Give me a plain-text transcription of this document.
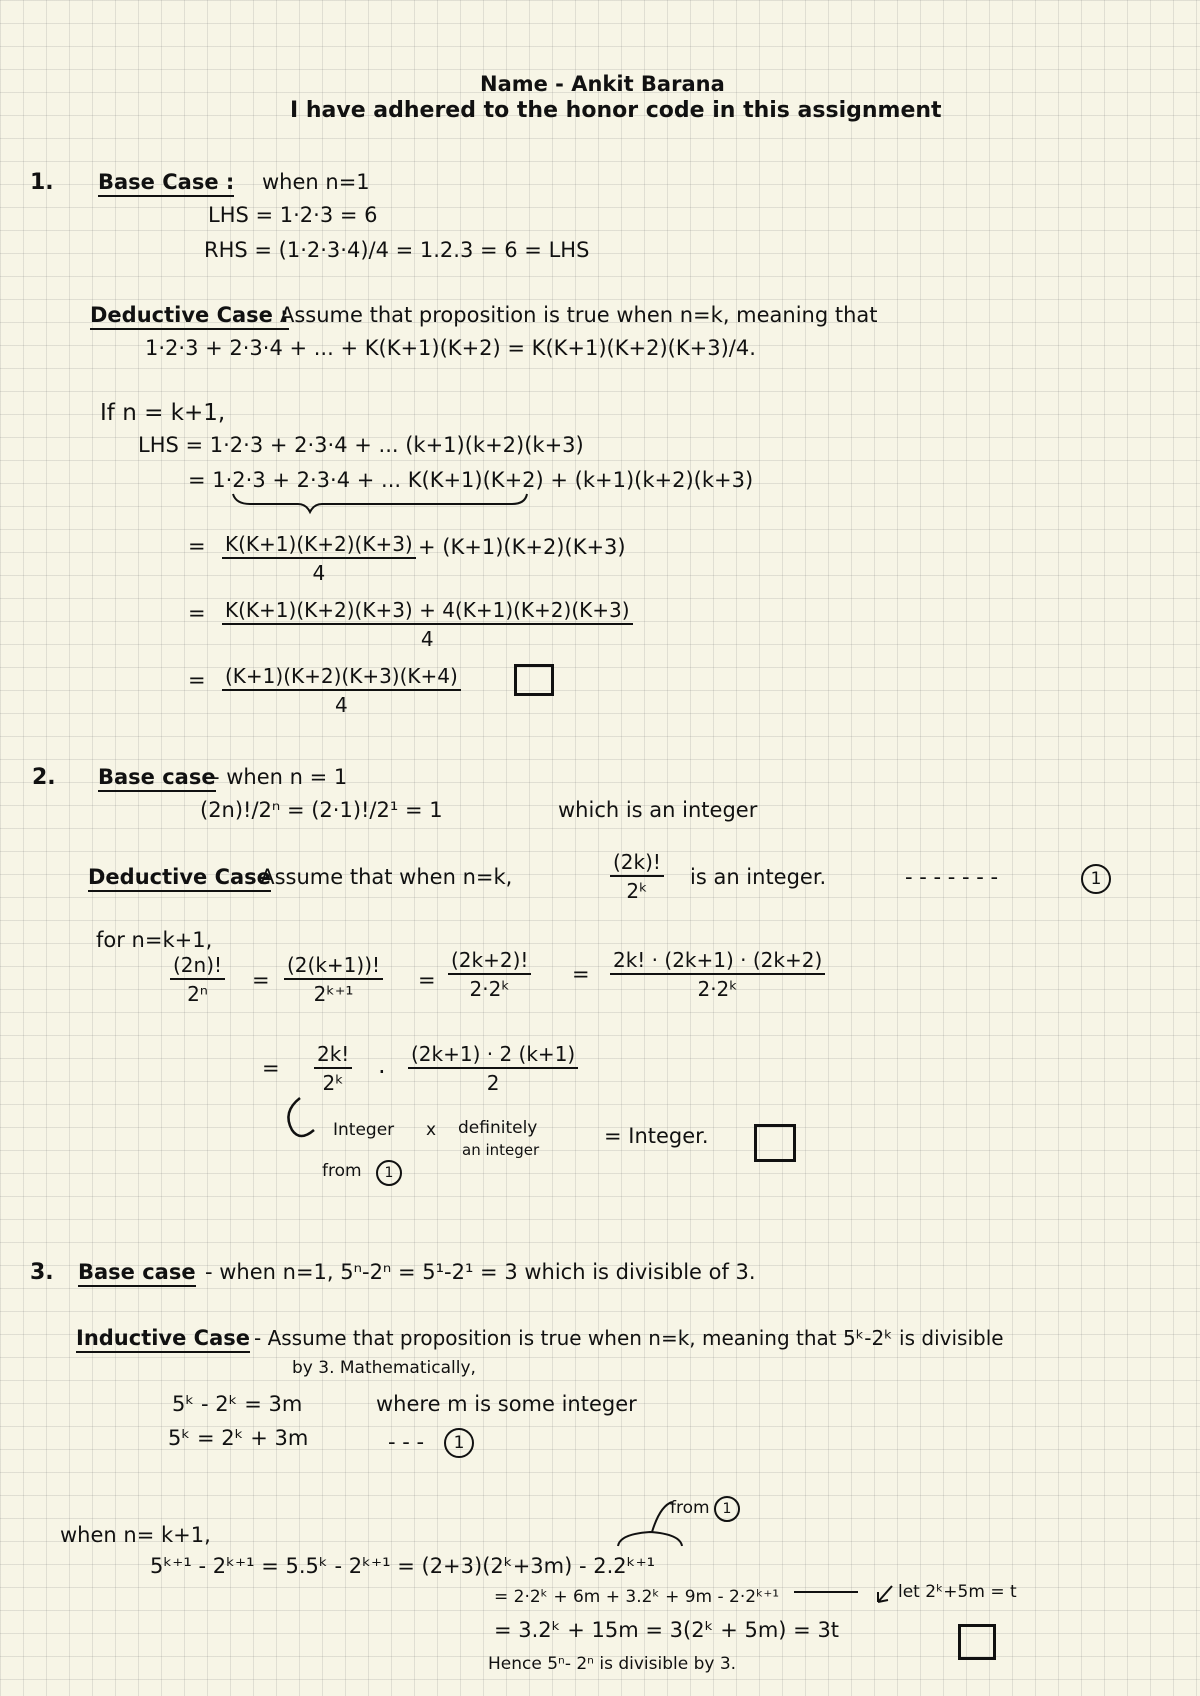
Name - Ankit Barana
I have adhered to the honor code in this assignment
1. Base Case : when n=1
LHS = 1·2·3 = 6
RHS = (1·2·3·4)/4 = 1.2.3 = 6 = LHS
Deductive Case :
Assume that proposition is true when n=k, meaning that
1·2·3 + 2·3·4 + ... + K(K+1)(K+2) = K(K+1)(K+2)(K+3)/4.
If n = k+1,
LHS = 1·2·3 + 2·3·4 + ... (k+1)(k+2)(k+3)
= 1·2·3 + 2·3·4 + ... K(K+1)(K+2) + (k+1)(k+2)(k+3)
= $\frac{K(K+1)(K+2)(K+3)}{4} + (K+1)(K+2)(K+3)$
= $\frac{K(K+1)(K+2)(K+3) + 4(K+1)(K+2)(K+3)}{4}$
= $\frac{(K+1)(K+2)(K+3)(K+4)}{4}$
2. Base case
- when n = 1
(2n)!/2ⁿ = (2·1)!/2¹ = 1	which is an integer
Deductive Case
- Assume that when n=k,	$\frac{(2k)!}{\text{2ᵏ}}$ is an integer.	- - - - - - -	1
for n=k+1,
$\frac{(2n)!}{\text{2ⁿ}} = \frac{(2(k+1))!}{\text{2ᵏ⁺¹}} = \frac{(2k+2)!}{\text{2·2ᵏ}} = \frac{2k! \cdot (2k+1) \cdot (2k+2)}{\text{2·2ᵏ}}$
= $\frac{2k!}{\text{2ᵏ}} \cdot \frac{(2k+1) \cdot 2 (k+1)}{2}$
Integer x definitely
an integer
= Integer.
from	1
3. Base case - when n=1, 5ⁿ-2ⁿ = 5¹-2¹ = 3 which is divisible of 3.
Inductive Case - Assume that proposition is true when n=k, meaning that 5ᵏ-2ᵏ is divisible
by 3. Mathematically,
5ᵏ - 2ᵏ = 3m	where m is some integer
5ᵏ = 2ᵏ + 3m	- - -	1
from 1
when n= k+1,
5ᵏ⁺¹ - 2ᵏ⁺¹ = 5.5ᵏ - 2ᵏ⁺¹ = (2+3)(2ᵏ+3m) - 2.2ᵏ⁺¹
= 2·2ᵏ + 6m + 3.2ᵏ + 9m - 2·2ᵏ⁺¹	let 2ᵏ+5m = t
= 3.2ᵏ + 15m = 3(2ᵏ + 5m) = 3t
Hence 5ⁿ- 2ⁿ is divisible by 3.
